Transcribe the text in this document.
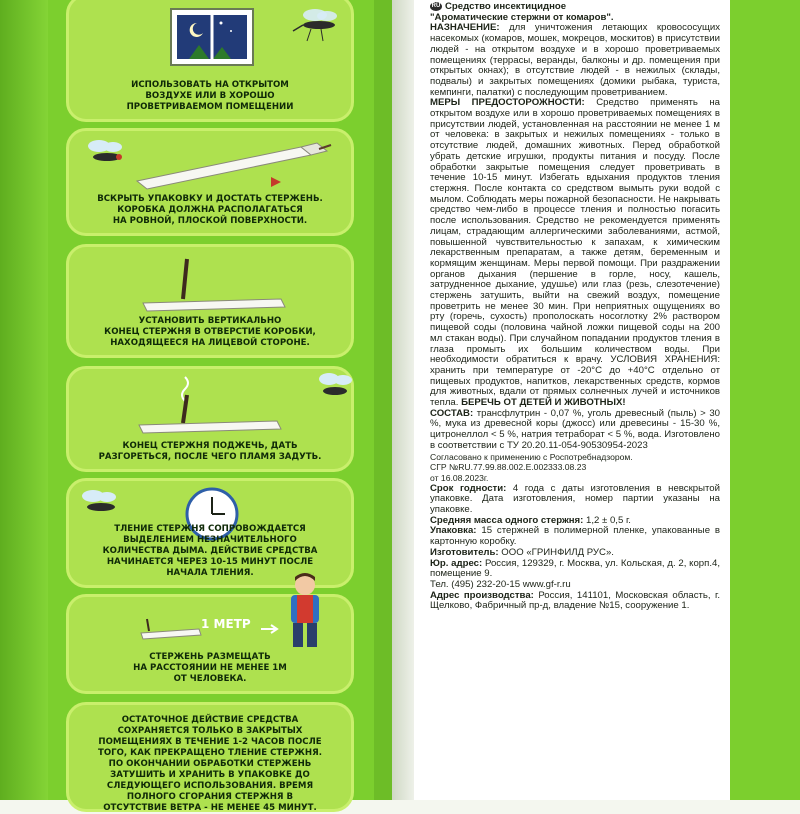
ИСПОЛЬЗОВАТЬ НА ОТКРЫТОМ
ВОЗДУХЕ ИЛИ В ХОРОШО
ПРОВЕТРИВАЕМОМ ПОМЕЩЕНИИ
ВСКРЫТЬ УПАКОВКУ И ДОСТАТЬ СТЕРЖЕНЬ.
КОРОБКА ДОЛЖНА РАСПОЛАГАТЬСЯ
НА РОВНОЙ, ПЛОСКОЙ ПОВЕРХНОСТИ.
УСТАНОВИТЬ ВЕРТИКАЛЬНО
КОНЕЦ СТЕРЖНЯ В ОТВЕРСТИЕ КОРОБКИ,
НАХОДЯЩЕЕСЯ НА ЛИЦЕВОЙ СТОРОНЕ.
КОНЕЦ СТЕРЖНЯ ПОДЖЕЧЬ, ДАТЬ
РАЗГОРЕТЬСЯ, ПОСЛЕ ЧЕГО ПЛАМЯ ЗАДУТЬ.
ТЛЕНИЕ СТЕРЖНЯ СОПРОВОЖДАЕТСЯ
ВЫДЕЛЕНИЕМ НЕЗНАЧИТЕЛЬНОГО
КОЛИЧЕСТВА ДЫМА. ДЕЙСТВИЕ СРЕДСТВА
НАЧИНАЕТСЯ ЧЕРЕЗ 10-15 МИНУТ ПОСЛЕ
НАЧАЛА ТЛЕНИЯ.
1 МЕТР
СТЕРЖЕНЬ РАЗМЕЩАТЬ
НА РАССТОЯНИИ НЕ МЕНЕЕ 1М
ОТ ЧЕЛОВЕКА.
ОСТАТОЧНОЕ ДЕЙСТВИЕ СРЕДСТВА
СОХРАНЯЕТСЯ ТОЛЬКО В ЗАКРЫТЫХ
ПОМЕЩЕНИЯХ В ТЕЧЕНИЕ 1-2 ЧАСОВ ПОСЛЕ
ТОГО, КАК ПРЕКРАЩЕНО ТЛЕНИЕ СТЕРЖНЯ.
ПО ОКОНЧАНИИ ОБРАБОТКИ СТЕРЖЕНЬ
ЗАТУШИТЬ И ХРАНИТЬ В УПАКОВКЕ ДО
СЛЕДУЮЩЕГО ИСПОЛЬЗОВАНИЯ. ВРЕМЯ
ПОЛНОГО СГОРАНИЯ СТЕРЖНЯ В
ОТСУТСТВИЕ ВЕТРА - НЕ МЕНЕЕ 45 МИНУТ.

RU Средство инсектицидное

"Ароматические стержни от комаров".

НАЗНАЧЕНИЕ: для уничтожения летающих кровососущих насекомых (комаров, мошек, мокрецов, москитов) в присутствии людей - на открытом воздухе и в хорошо проветриваемых помещениях (террасы, веранды, балконы и др. помещения при открытых окнах); в отсутствие людей - в нежилых (склады, подвалы) и закрытых помещениях (домики рыбака, туриста, кемпинги, палатки) с последующим проветриванием.

МЕРЫ ПРЕДОСТОРОЖНОСТИ: Средство применять на открытом воздухе или в хорошо проветриваемых помещениях в присутствии людей, установленная на расстоянии не менее 1 м от человека: в закрытых и нежилых помещениях - только в отсутствие людей, домашних животных. Перед обработкой убрать детские игрушки, продукты питания и посуду. После обработки закрытые помещения следует проветривать в течение 10-15 минут. Избегать вдыхания продуктов тления стержня. После контакта со средством вымыть руки водой с мылом. Соблюдать меры пожарной безопасности. Не накрывать средство чем-либо в процессе тления и полностью погасить после использования. Средство не рекомендуется применять лицам, страдающим аллергическими заболеваниями, астмой, повышенной чувствительностью к запахам, к химическим лекарственным препаратам, а также детям, беременным и кормящим женщинам. Меры первой помощи. При раздражении органов дыхания (першение в горле, носу, кашель, затрудненное дыхание, удушье) или глаз (резь, слезотечение) стержень затушить, выйти на свежий воздух, помещение проветрить не менее 30 мин. При неприятных ощущениях во рту (горечь, сухость) прополоскать носоглотку 2% раствором пищевой соды (половина чайной ложки пищевой соды на 200 мл стакан воды). При случайном попадании продуктов тления в глаза промыть их большим количеством воды. При необходимости обратиться к врачу. УСЛОВИЯ ХРАНЕНИЯ: хранить при температуре от -20°С до +40°С отдельно от пищевых продуктов, напитков, лекарственных средств, кормов для животных, вдали от прямых солнечных лучей и источников тепла. БЕРЕЧЬ ОТ ДЕТЕЙ И ЖИВОТНЫХ!

СОСТАВ: трансфлутрин - 0,07 %, уголь древесный (пыль) > 30 %, мука из древесной коры (джосс) или древесины - 15-30 %, цитронеллол < 5 %, натрия тетраборат < 5 %, вода. Изготовлено в соответствии с ТУ 20.20.11-054-90530954-2023

Согласовано к применению с Роспотребнадзором.
СГР №RU.77.99.88.002.Е.002333.08.23
от 16.08.2023г.

Срок годности: 4 года с даты изготовления в невскрытой упаковке. Дата изготовления, номер партии указаны на упаковке.

Средняя масса одного стержня: 1,2 ± 0,5 г.

Упаковка: 15 стержней в полимерной пленке, упакованные в картонную коробку.

Изготовитель: ООО «ГРИНФИЛД РУС».

Юр. адрес: Россия, 129329, г. Москва, ул. Кольская, д. 2, корп.4, помещение 9.

Тел. (495) 232-20-15 www.gf-r.ru

Адрес производства: Россия, 141101, Московская область, г. Щелково, Фабричный пр-д, владение №15, сооружение 1.
